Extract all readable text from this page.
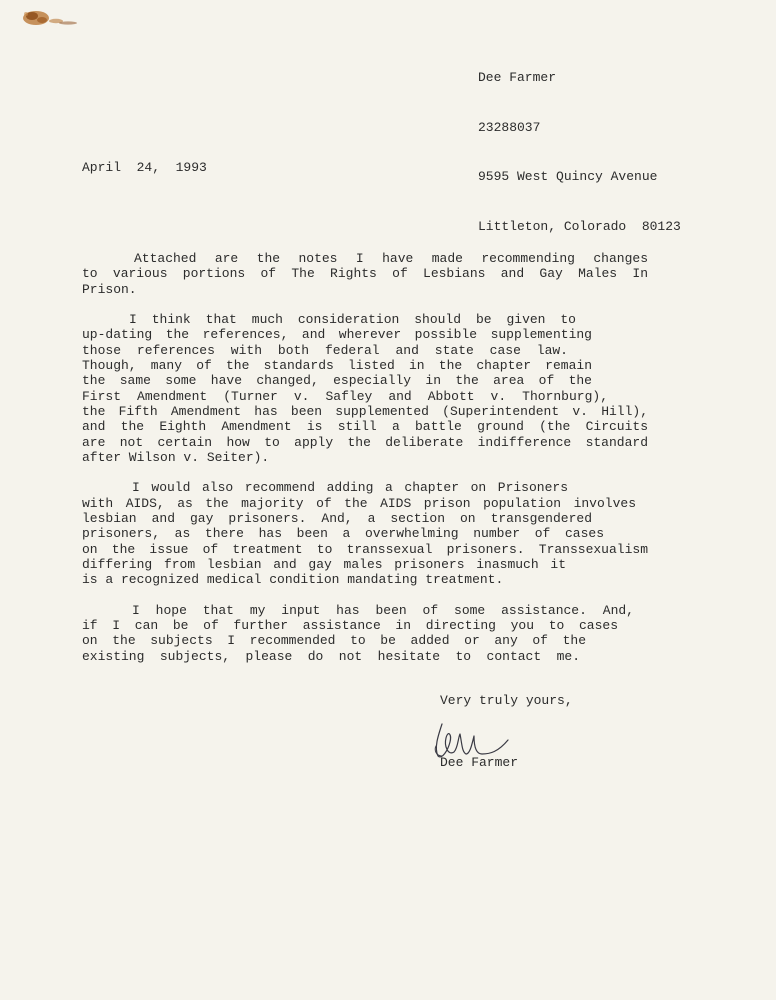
Dee Farmer

23288037

9595 West Quincy Avenue

Littleton, Colorado  80123

April  24,  1993
Attached are the notes I have made recommending changes
to various portions of The Rights of Lesbians and Gay Males In
Prison.
I think that much consideration should be given to
up-dating the references, and wherever possible supplementing
those references with both federal and state case law.
Though, many of the standards listed in the chapter remain
the same some have changed, especially in the area of the
First Amendment (Turner v. Safley and Abbott v. Thornburg),
the Fifth Amendment has been supplemented (Superintendent v. Hill),
and the Eighth Amendment is still a battle ground (the Circuits
are not certain how to apply the deliberate indifference standard
after Wilson v. Seiter).
I would also recommend adding a chapter on Prisoners
with AIDS, as the majority of the AIDS prison population involves
lesbian and gay prisoners. And, a section on transgendered
prisoners, as there has been a overwhelming number of cases
on the issue of treatment to transsexual prisoners. Transsexualism
differing from lesbian and gay males prisoners inasmuch it
is a recognized medical condition mandating treatment.
I hope that my input has been of some assistance. And,
if I can be of further assistance in directing you to cases
on the subjects I recommended to be added or any of the
existing subjects, please do not hesitate to contact me.
Very truly yours,
Dee Farmer
